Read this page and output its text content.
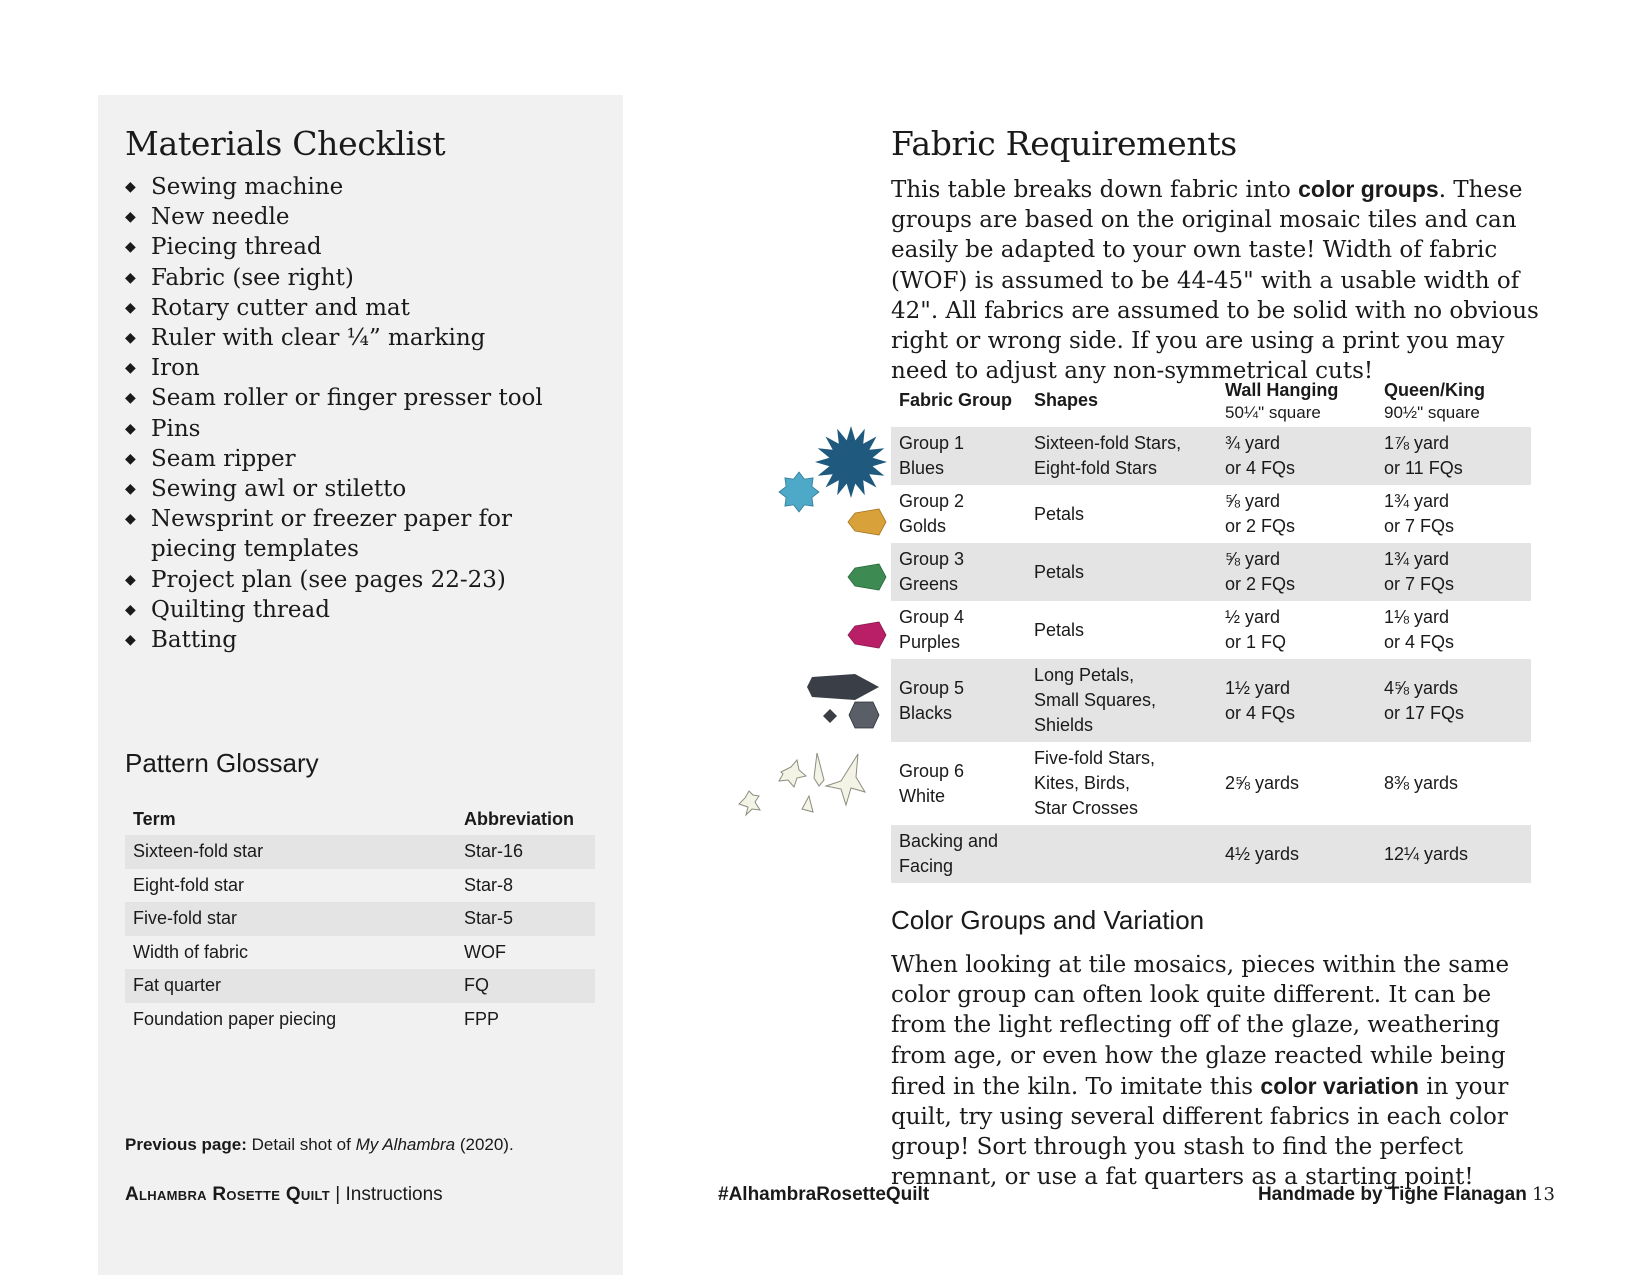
Materials Checklist
◆ Sewing machine
◆ New needle
◆ Piecing thread
◆ Fabric (see right)
◆ Rotary cutter and mat
◆ Ruler with clear ¼” marking
◆ Iron
◆ Seam roller or finger presser tool
◆ Pins
◆ Seam ripper
◆ Sewing awl or stiletto
◆ Newsprint or freezer paper for piecing templates
◆ Project plan (see pages 22-23)
◆ Quilting thread
◆ Batting
Pattern Glossary
Term	Abbreviation
Sixteen-fold star	Star-16
Eight-fold star	Star-8
Five-fold star	Star-5
Width of fabric	WOF
Fat quarter	FQ
Foundation paper piecing	FPP
Previous page: Detail shot of My Alhambra (2020).
Alhambra Rosette Quilt | Instructions	#AlhambraRosetteQuilt	Handmade by Tighe Flanagan 13
Fabric Requirements

This table breaks down fabric into color groups. These groups are based on the original mosaic tiles and can easily be adapted to your own taste! Width of fabric (WOF) is assumed to be 44-45" with a usable width of 42". All fabrics are assumed to be solid with no obvious right or wrong side. If you are using a print you may need to adjust any non-symmetrical cuts!

Fabric Group	Shapes	Wall Hanging
50¼" square	Queen/King
90½" square

Group 1
Blues	Sixteen-fold Stars,
Eight-fold Stars	¾ yard
or 4 FQs	1⅞ yard
or 11 FQs

Group 2
Golds	Petals	⅝ yard
or 2 FQs	1¾ yard
or 7 FQs

Group 3
Greens	Petals	⅝ yard
or 2 FQs	1¾ yard
or 7 FQs

Group 4
Purples	Petals	½ yard
or 1 FQ	1⅛ yard
or 4 FQs

Group 5
Blacks	Long Petals,
Small Squares,
Shields	1½ yard
or 4 FQs	4⅝ yards
or 17 FQs

Group 6
White	Five-fold Stars,
Kites, Birds,
Star Crosses	2⅝ yards	8⅜ yards

Backing and
Facing		4½ yards	12¼ yards
Color Groups and Variation

When looking at tile mosaics, pieces within the same color group can often look quite different. It can be from the light reflecting off of the glaze, weathering from age, or even how the glaze reacted while being fired in the kiln. To imitate this color variation in your quilt, try using several different fabrics in each color group! Sort through you stash to find the perfect remnant, or use a fat quarters as a starting point!
